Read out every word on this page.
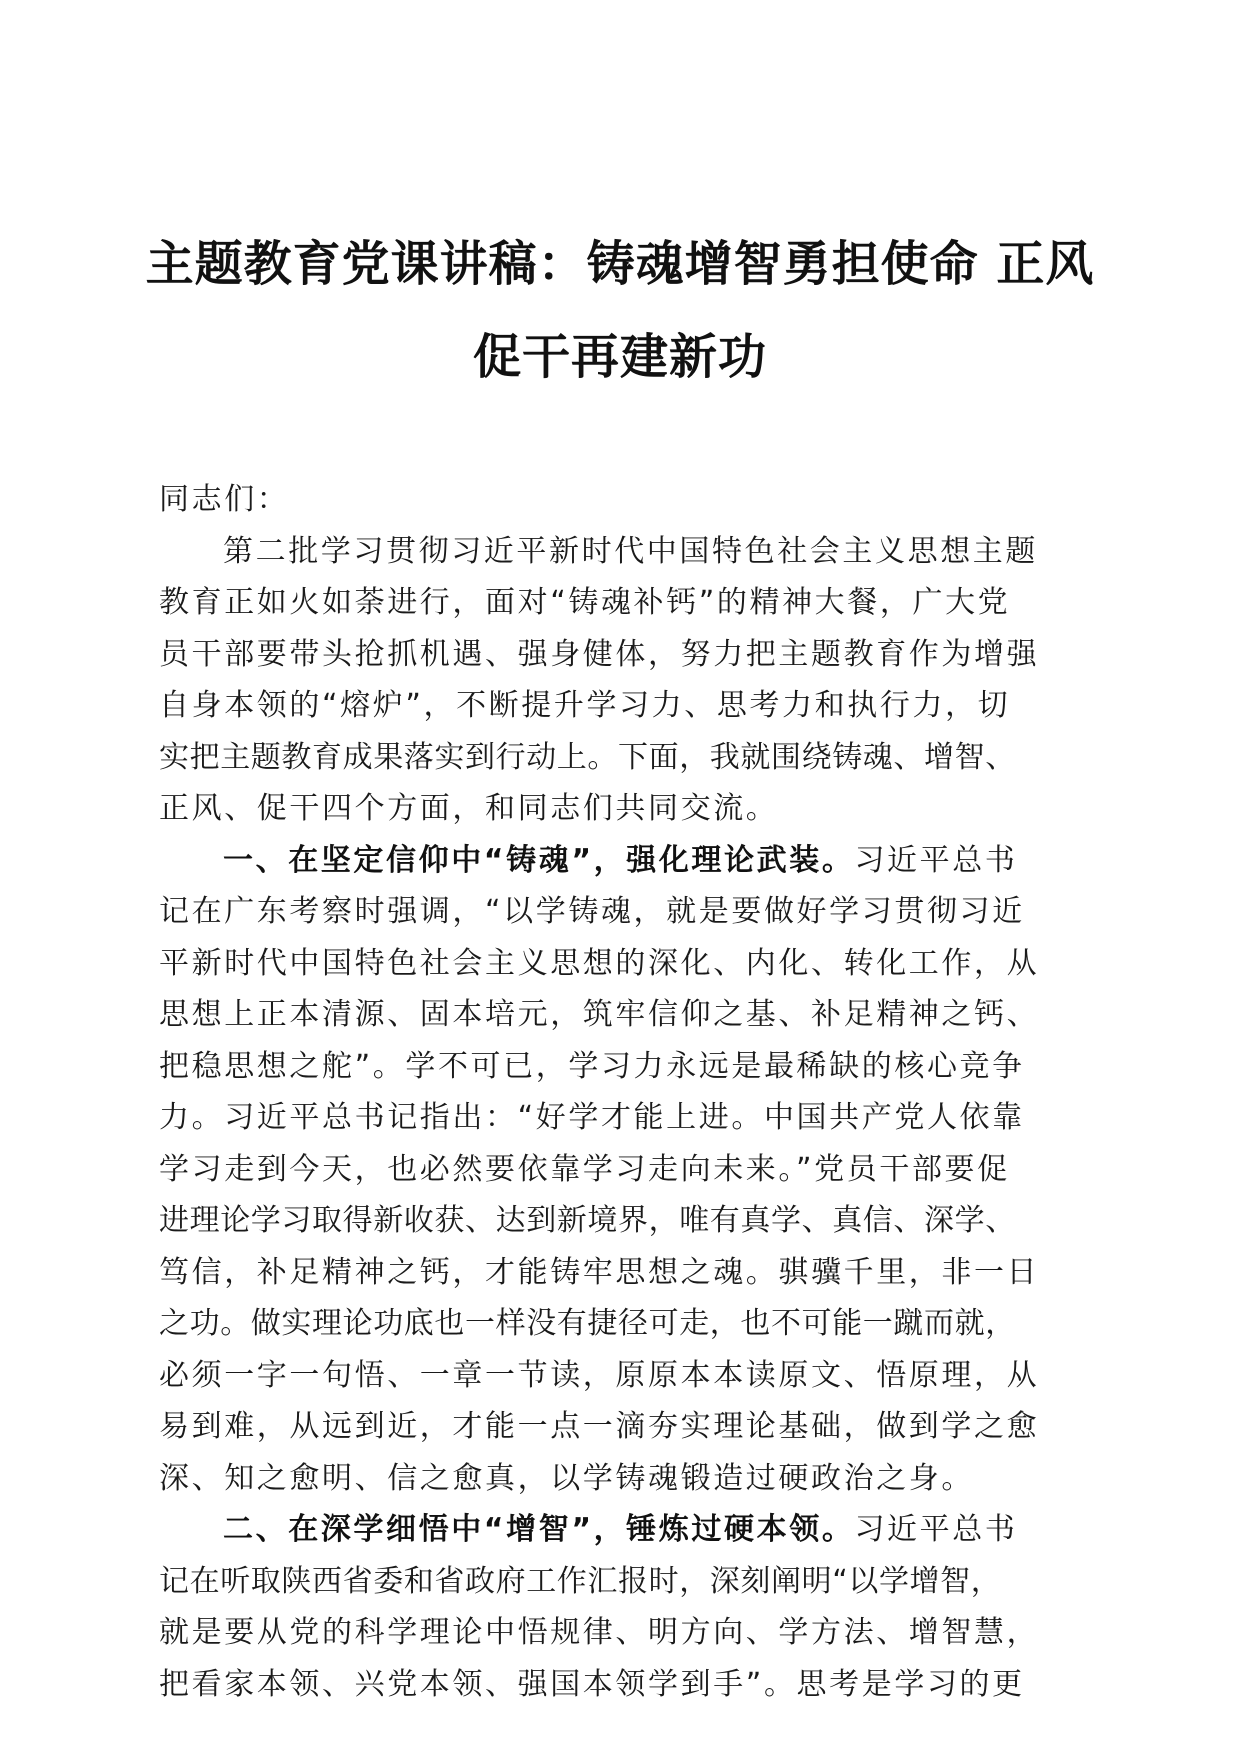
主题教育党课讲稿：铸魂增智勇担使命 正风
促干再建新功
同志们：
第二批学习贯彻习近平新时代中国特色社会主义思想主题
教育正如火如荼进行，面对“铸魂补钙”的精神大餐，广大党
员干部要带头抢抓机遇、强身健体，努力把主题教育作为增强
自身本领的“熔炉”，不断提升学习力、思考力和执行力，切
实把主题教育成果落实到行动上。下面，我就围绕铸魂、增智、
正风、促干四个方面，和同志们共同交流。
一、在坚定信仰中“铸魂”，强化理论武装。习近平总书
记在广东考察时强调，“以学铸魂，就是要做好学习贯彻习近
平新时代中国特色社会主义思想的深化、内化、转化工作，从
思想上正本清源、固本培元，筑牢信仰之基、补足精神之钙、
把稳思想之舵”。学不可已，学习力永远是最稀缺的核心竞争
力。习近平总书记指出：“好学才能上进。中国共产党人依靠
学习走到今天，也必然要依靠学习走向未来。”党员干部要促
进理论学习取得新收获、达到新境界，唯有真学、真信、深学、
笃信，补足精神之钙，才能铸牢思想之魂。骐骥千里，非一日
之功。做实理论功底也一样没有捷径可走，也不可能一蹴而就，
必须一字一句悟、一章一节读，原原本本读原文、悟原理，从
易到难，从远到近，才能一点一滴夯实理论基础，做到学之愈
深、知之愈明、信之愈真，以学铸魂锻造过硬政治之身。
二、在深学细悟中“增智”，锤炼过硬本领。习近平总书
记在听取陕西省委和省政府工作汇报时，深刻阐明“以学增智，
就是要从党的科学理论中悟规律、明方向、学方法、增智慧，
把看家本领、兴党本领、强国本领学到手”。思考是学习的更
